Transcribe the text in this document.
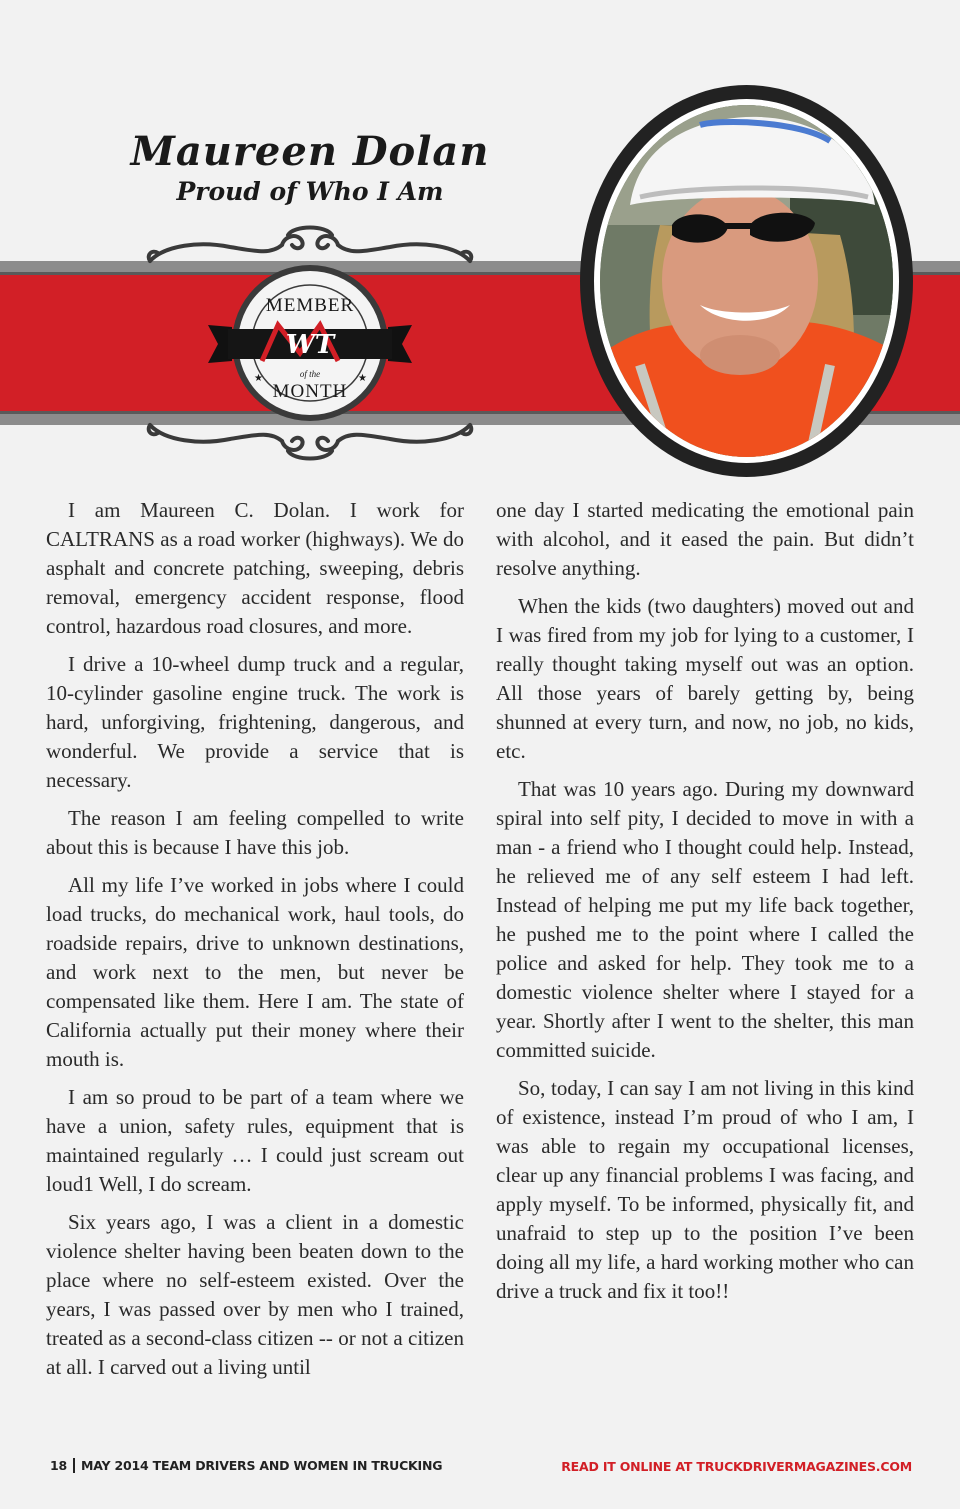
Maureen Dolan
Proud of Who I Am
WT
MEMBER
of the
MONTH
★	★

I am Maureen C. Dolan. I work for CALTRANS as a road worker (highways). We do asphalt and concrete patching, sweeping, debris removal, emergency accident response, flood control, hazardous road closures, and more.

I drive a 10-wheel dump truck and a regular, 10-cylinder gasoline engine truck. The work is hard, unforgiving, frightening, dangerous, and wonderful. We provide a service that is necessary.

The reason I am feeling compelled to write about this is because I have this job.

All my life I’ve worked in jobs where I could load trucks, do mechanical work, haul tools, do roadside repairs, drive to unknown destinations, and work next to the men, but never be compensated like them. Here I am. The state of California actually put their money where their mouth is.

I am so proud to be part of a team where we have a union, safety rules, equipment that is maintained regularly … I could just scream out loud1 Well, I do scream.

Six years ago, I was a client in a domestic violence shelter having been beaten down to the place where no self-esteem existed. Over the years, I was passed over by men who I trained, treated as a second-class citizen -- or not a citizen at all. I carved out a living until

one day I started medicating the emotional pain with alcohol, and it eased the pain. But didn’t resolve anything.

When the kids (two daughters) moved out and I was fired from my job for lying to a customer, I really thought taking myself out was an option. All those years of barely getting by, being shunned at every turn, and now, no job, no kids, etc.

That was 10 years ago. During my downward spiral into self pity, I decided to move in with a man - a friend who I thought could help. Instead, he relieved me of any self esteem I had left. Instead of helping me put my life back together, he pushed me to the point where I called the police and asked for help. They took me to a domestic violence shelter where I stayed for a year. Shortly after I went to the shelter, this man committed suicide.

So, today, I can say I am not living in this kind of existence, instead I’m proud of who I am, I was able to regain my occupational licenses, clear up any financial problems I was facing, and apply myself. To be informed, physically fit, and unafraid to step up to the position I’ve been doing all my life, a hard working mother who can drive a truck and fix it too!!

18 MAY 2014 TEAM DRIVERS AND WOMEN IN TRUCKING	READ IT ONLINE AT TRUCKDRIVERMAGAZINES.COM
